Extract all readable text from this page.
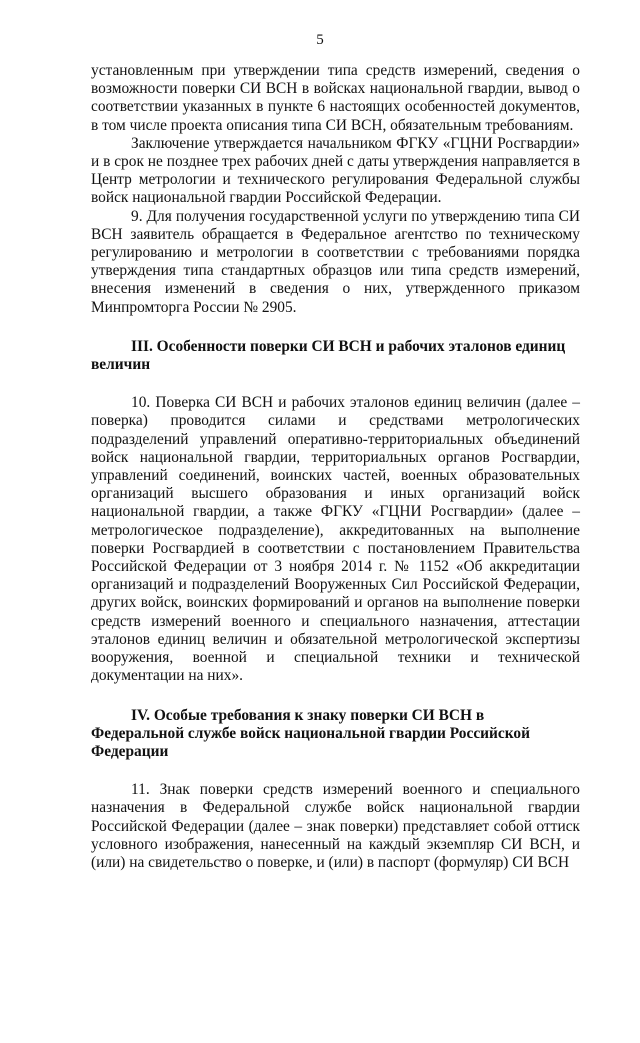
5

установленным при утверждении типа средств измерений, сведения о возможности поверки СИ ВСН в войсках национальной гвардии, вывод о соответствии указанных в пункте 6 настоящих особенностей документов, в том числе проекта описания типа СИ ВСН, обязательным требованиям.

Заключение утверждается начальником ФГКУ «ГЦНИ Росгвардии» и в срок не позднее трех рабочих дней с даты утверждения направляется в Центр метрологии и технического регулирования Федеральной службы войск национальной гвардии Российской Федерации.

9. Для получения государственной услуги по утверждению типа СИ ВСН заявитель обращается в Федеральное агентство по техническому регулированию и метрологии в соответствии с требованиями порядка утверждения типа стандартных образцов или типа средств измерений, внесения изменений в сведения о них, утвержденного приказом Минпромторга России № 2905.

III. Особенности поверки СИ ВСН и рабочих эталонов единиц величин

10. Поверка СИ ВСН и рабочих эталонов единиц величин (далее – поверка) проводится силами и средствами метрологических подразделений управлений оперативно-территориальных объединений войск национальной гвардии, территориальных органов Росгвардии, управлений соединений, воинских частей, военных образовательных организаций высшего образования и иных организаций войск национальной гвардии, а также ФГКУ «ГЦНИ Росгвардии» (далее – метрологическое подразделение), аккредитованных на выполнение поверки Росгвардией в соответствии с постановлением Правительства Российской Федерации от 3 ноября 2014 г. № 1152 «Об аккредитации организаций и подразделений Вооруженных Сил Российской Федерации, других войск, воинских формирований и органов на выполнение поверки средств измерений военного и специального назначения, аттестации эталонов единиц величин и обязательной метрологической экспертизы вооружения, военной и специальной техники и технической документации на них».

IV. Особые требования к знаку поверки СИ ВСН в Федеральной службе войск национальной гвардии Российской Федерации

11. Знак поверки средств измерений военного и специального назначения в Федеральной службе войск национальной гвардии Российской Федерации (далее – знак поверки) представляет собой оттиск условного изображения, нанесенный на каждый экземпляр СИ ВСН, и (или) на свидетельство о поверке, и (или) в паспорт (формуляр) СИ ВСН
